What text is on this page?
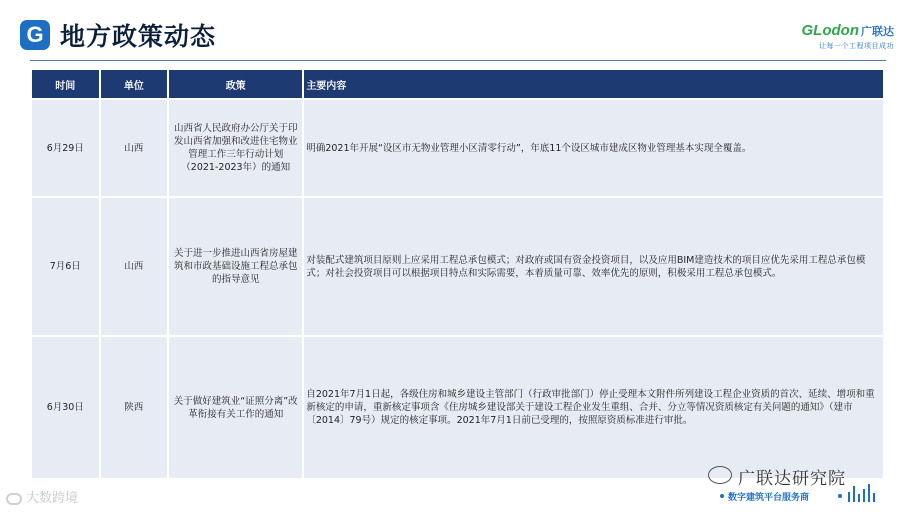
G 地方政策动态	GLodon 广联达
让每一个工程项目成功
时间	单位	政策	主要内容
6月29日	山西	山西省人民政府办公厅关于印发山西省加强和改进住宅物业管理工作三年行动计划（2021-2023年）的通知	明确2021年开展“设区市无物业管理小区清零行动”，年底11个设区城市建成区物业管理基本实现全覆盖。
7月6日	山西	关于进一步推进山西省房屋建筑和市政基础设施工程总承包的指导意见	对装配式建筑项目原则上应采用工程总承包模式；对政府或国有资金投资项目，以及应用BIM建造技术的项目应优先采用工程总承包模式；对社会投资项目可以根据项目特点和实际需要，本着质量可靠、效率优先的原则，积极采用工程总承包模式。
6月30日	陕西	关于做好建筑业“证照分离”改革衔接有关工作的通知	自2021年7月1日起，各级住房和城乡建设主管部门（行政审批部门）停止受理本文附件所列建设工程企业资质的首次、延续、增项和重新核定的申请，重新核定事项含《住房城乡建设部关于建设工程企业发生重组、合并、分立等情况资质核定有关问题的通知》（建市〔2014〕79号）规定的核定事项。2021年7月1日前已受理的，按照原资质标准进行审批。
大数跨境
广联达研究院
数字建筑平台服务商
